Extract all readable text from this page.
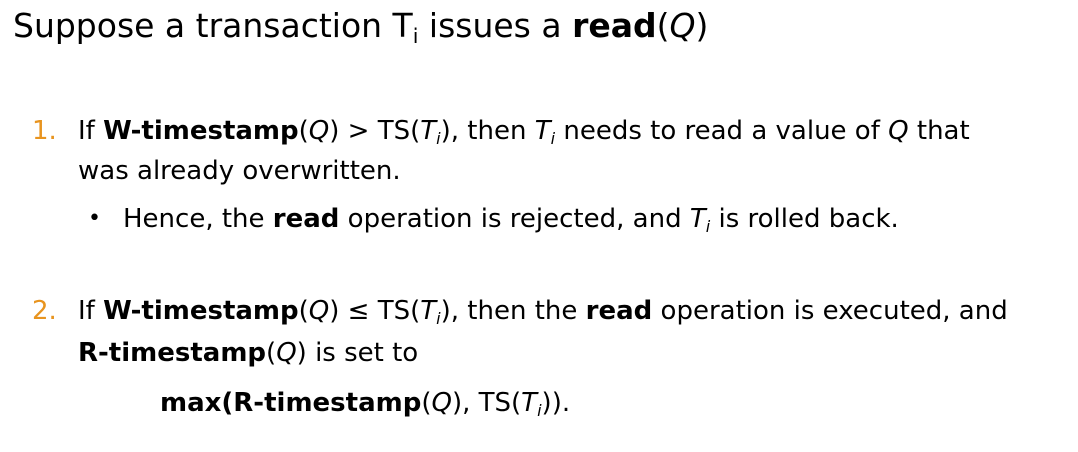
Suppose a transaction $T_i$ issues a read(Q)
1. If W-timestamp(Q) > $TS(T_i)$, then $T_i$ needs to read a value of Q that
was already overwritten.
• Hence, the read operation is rejected, and $T_i$ is rolled back.
2. If W-timestamp(Q) ≤ $TS(T_i)$, then the read operation is executed, and
R-timestamp(Q) is set to
max(R-timestamp(Q), $TS(T_i)$).
